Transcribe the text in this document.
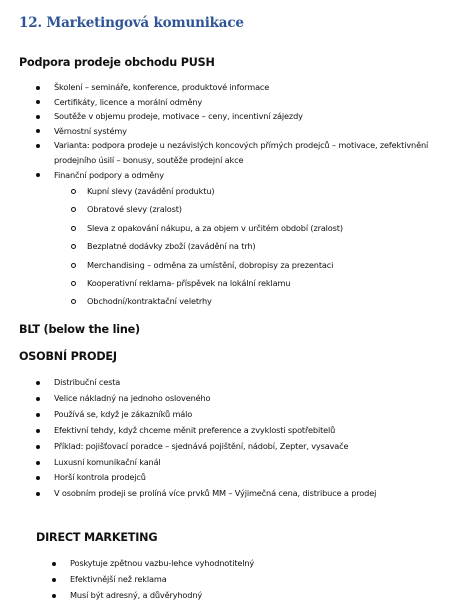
12. Marketingová komunikace
Podpora prodeje obchodu PUSH
Školení – semináře, konference, produktové informace
Certifikáty, licence a morální odměny
Soutěže v objemu prodeje, motivace – ceny, incentivní zájezdy
Věrnostní systémy
Varianta: podpora prodeje u nezávislých koncových přímých prodejců – motivace, zefektivnění prodejního úsilí – bonusy, soutěže prodejní akce
Finanční podpory a odměny
Kupní slevy (zavádění produktu)
Obratové slevy (zralost)
Sleva z opakování nákupu, a za objem v určitém období (zralost)
Bezplatné dodávky zboží (zavádění na trh)
Merchandising – odměna za umístění, dobropisy za prezentaci
Kooperativní reklama- příspěvek na lokální reklamu
Obchodní/kontraktační veletrhy
BLT (below the line)
OSOBNÍ PRODEJ
Distribuční cesta
Velice nákladný na jednoho osloveného
Používá se, když je zákazníků málo
Efektivní tehdy, když chceme měnit preference a zvyklosti spotřebitelů
Příklad: pojišťovací poradce – sjednává pojištění, nádobí, Zepter, vysavače
Luxusní komunikační kanál
Horší kontrola prodejců
V osobním prodeji se prolíná více prvků MM – Výjimečná cena, distribuce a prodej
DIRECT MARKETING
Poskytuje zpětnou vazbu-lehce vyhodnotitelný
Efektivnější než reklama
Musí být adresný, a důvěryhodný
